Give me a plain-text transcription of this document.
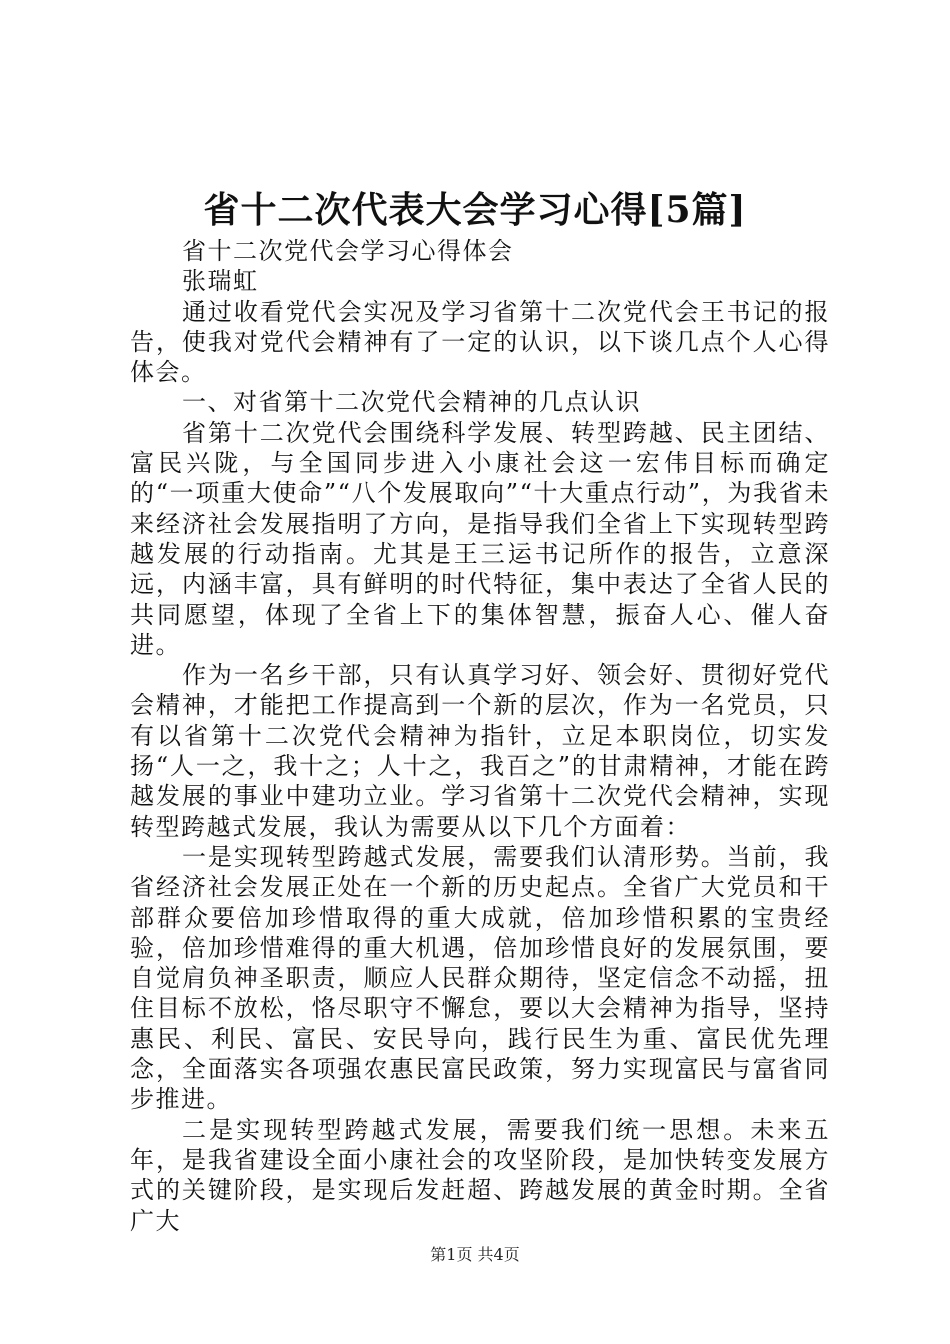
省十二次代表大会学习心得[5篇]

省十二次党代会学习心得体会

张瑞虹

通过收看党代会实况及学习省第十二次党代会王书记的报告，使我对党代会精神有了一定的认识，以下谈几点个人心得体会。

一、对省第十二次党代会精神的几点认识

省第十二次党代会围绕科学发展、转型跨越、民主团结、富民兴陇，与全国同步进入小康社会这一宏伟目标而确定的“一项重大使命”“八个发展取向”“十大重点行动”，为我省未来经济社会发展指明了方向，是指导我们全省上下实现转型跨越发展的行动指南。尤其是王三运书记所作的报告，立意深远，内涵丰富，具有鲜明的时代特征，集中表达了全省人民的共同愿望，体现了全省上下的集体智慧，振奋人心、催人奋进。

作为一名乡干部，只有认真学习好、领会好、贯彻好党代会精神，才能把工作提高到一个新的层次，作为一名党员，只有以省第十二次党代会精神为指针，立足本职岗位，切实发扬“人一之，我十之；人十之，我百之”的甘肃精神，才能在跨越发展的事业中建功立业。学习省第十二次党代会精神，实现转型跨越式发展，我认为需要从以下几个方面着：

一是实现转型跨越式发展，需要我们认清形势。当前，我省经济社会发展正处在一个新的历史起点。全省广大党员和干部群众要倍加珍惜取得的重大成就，倍加珍惜积累的宝贵经验，倍加珍惜难得的重大机遇，倍加珍惜良好的发展氛围，要自觉肩负神圣职责，顺应人民群众期待，坚定信念不动摇，扭住目标不放松，恪尽职守不懈怠，要以大会精神为指导，坚持惠民、利民、富民、安民导向，践行民生为重、富民优先理念，全面落实各项强农惠民富民政策，努力实现富民与富省同步推进。

二是实现转型跨越式发展，需要我们统一思想。未来五年，是我省建设全面小康社会的攻坚阶段，是加快转变发展方式的关键阶段，是实现后发赶超、跨越发展的黄金时期。全省广大

第1页 共4页
